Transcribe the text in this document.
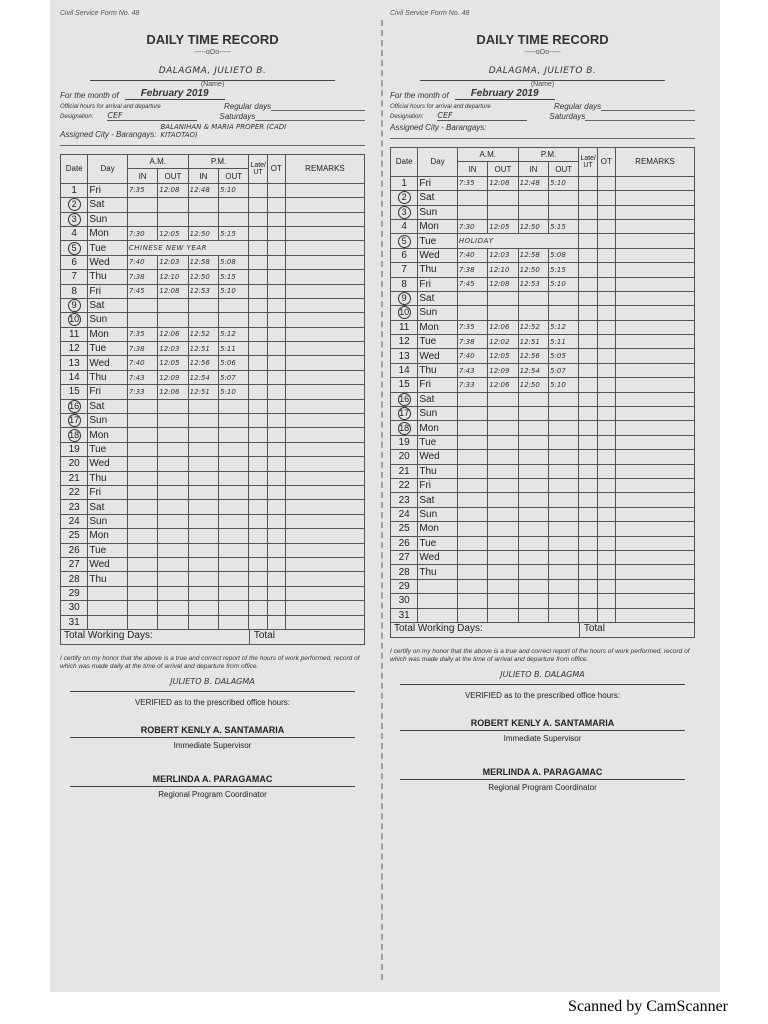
Civil Service Form No. 48
DAILY TIME RECORD
-----oOo-----
DALAGMA, JULIETO B.
(Name)
For the month of	February 2019
Official hours for arrival and departure	Regular days
Designation: CEF	Saturdays
Assigned City - Barangays:
BALANIHAN & MARIA PROPER (CADI KITAOTAO)
Date	Day	A.M.		P.M.		Late/ UT	OT	REMARKS
		IN	OUT	IN	OUT			
1	Fri	7:35	12:08	12:48	5:10			
2	Sat							
3	Sun							
4	Mon	7:30	12:05	12:50	5:15			
5	Tue	CHINESE NEW YEAR						
6	Wed	7:40	12:03	12:58	5:08			
7	Thu	7:38	12:10	12:50	5:15			
8	Fri	7:45	12:08	12:53	5:10			
9	Sat							
10	Sun							
11	Mon	7:35	12:06	12:52	5:12			
12	Tue	7:38	12:03	12:51	5:11			
13	Wed	7:40	12:05	12:56	5:06			
14	Thu	7:43	12:09	12:54	5:07			
15	Fri	7:33	12:06	12:51	5:10			
16	Sat							
17	Sun							
18	Mon							
19	Tue							
20	Wed							
21	Thu							
22	Fri							
23	Sat							
24	Sun							
25	Mon							
26	Tue							
27	Wed							
28	Thu							
29								
30								
31								
Total Working Days:	Total
I certify on my honor that the above is a true and correct report of the hours of work performed, record of which was made daily at the time of arrival and departure from office.
JULIETO B. DALAGMA
VERIFIED as to the prescribed office hours:
ROBERT KENLY A. SANTAMARIA
Immediate Supervisor
MERLINDA A. PARAGAMAC
Regional Program Coordinator
Civil Service Form No. 48
DAILY TIME RECORD
-----oOo-----
DALAGMA, JULIETO B.
(Name)
For the month of	February 2019
Official hours for arrival and departure	Regular days
Designation: CEF	Saturdays
Assigned City - Barangays:
Date	Day	A.M.		P.M.		Late/ UT	OT	REMARKS
		IN	OUT	IN	OUT			
1	Fri	7:35	12:08	12:48	5:10			
2	Sat							
3	Sun							
4	Mon	7:30	12:05	12:50	5:15			
5	Tue	HOLIDAY						
6	Wed	7:40	12:03	12:58	5:08			
7	Thu	7:38	12:10	12:50	5:15			
8	Fri	7:45	12:08	12:53	5:10			
9	Sat							
10	Sun							
11	Mon	7:35	12:06	12:52	5:12			
12	Tue	7:38	12:02	12:51	5:11			
13	Wed	7:40	12:05	12:56	5:05			
14	Thu	7:43	12:09	12:54	5:07			
15	Fri	7:33	12:06	12:50	5:10			
16	Sat							
17	Sun							
18	Mon							
19	Tue							
20	Wed							
21	Thu							
22	Fri							
23	Sat							
24	Sun							
25	Mon							
26	Tue							
27	Wed							
28	Thu							
29								
30								
31								
Total Working Days:	Total
I certify on my honor that the above is a true and correct report of the hours of work performed, record of which was made daily at the time of arrival and departure from office.
JULIETO B. DALAGMA
VERIFIED as to the prescribed office hours:
ROBERT KENLY A. SANTAMARIA
Immediate Supervisor
MERLINDA A. PARAGAMAC
Regional Program Coordinator
Scanned by CamScanner
